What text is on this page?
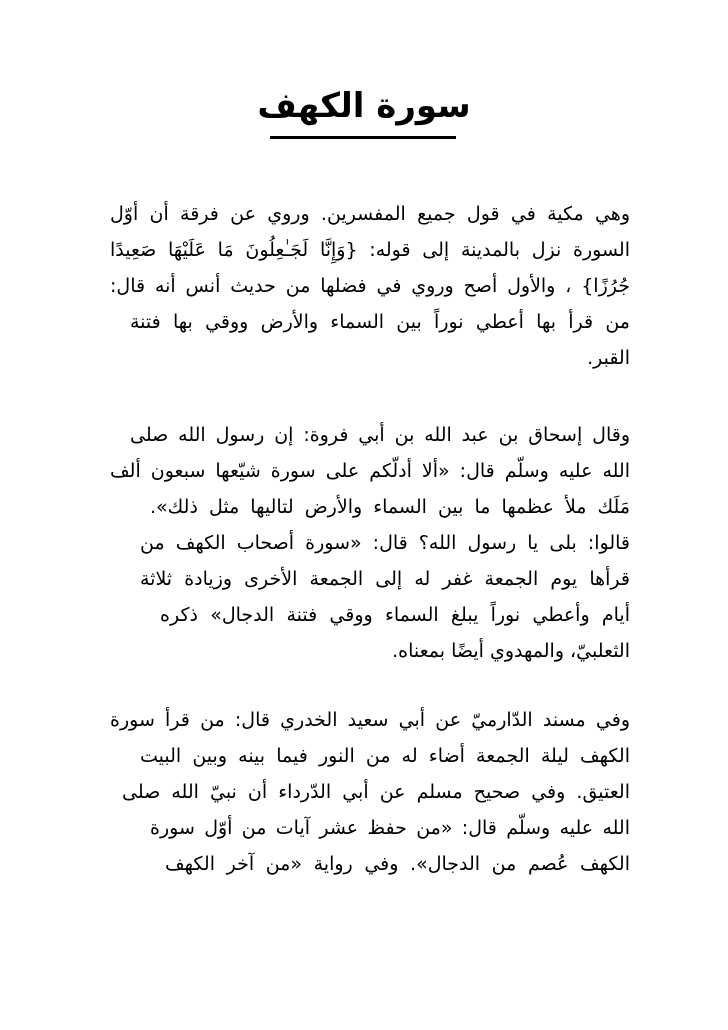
سورة الكهف
وهي مكية في قول جميع المفسرين. وروي عن فرقة أن أوّل
السورة نزل بالمدينة إلى قوله: {وَإِنَّا لَجَـٰعِلُونَ مَا عَلَيْهَا صَعِيدًا
جُرُزًا} ، والأول أصح وروي في فضلها من حديث أنس أنه قال:
من قرأ بها أعطي نوراً بين السماء والأرض ووقي بها فتنة
القبر.
وقال إسحاق بن عبد الله بن أبي فروة: إن رسول الله صلى
الله عليه وسلّم قال: «ألا أدلّكم على سورة شيّعها سبعون ألف
مَلَك ملأ عظمها ما بين السماء والأرض لتاليها مثل ذلك».
قالوا: بلى يا رسول الله؟ قال: «سورة أصحاب الكهف من
قرأها يوم الجمعة غفر له إلى الجمعة الأخرى وزيادة ثلاثة
أيام وأعطي نوراً يبلغ السماء ووقي فتنة الدجال» ذكره
الثعلبيّ، والمهدوي أيضًا بمعناه.
وفي مسند الدّارميّ عن أبي سعيد الخدري قال: من قرأ سورة
الكهف ليلة الجمعة أضاء له من النور فيما بينه وبين البيت
العتيق. وفي صحيح مسلم عن أبي الدّرداء أن نبيّ الله صلى
الله عليه وسلّم قال: «من حفظ عشر آيات من أوّل سورة
الكهف عُصم من الدجال». وفي رواية «من آخر الكهف
